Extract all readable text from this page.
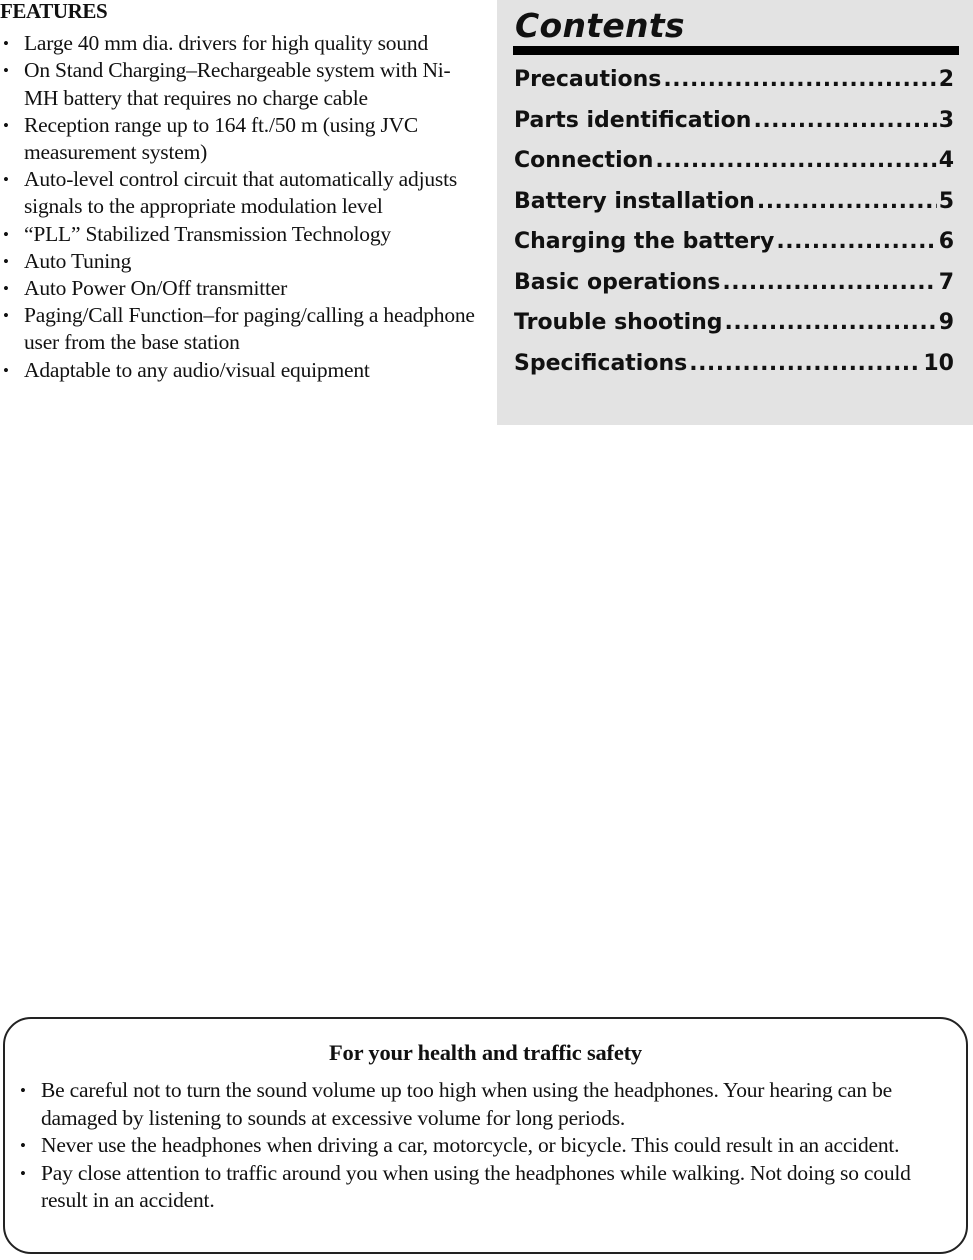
FEATURES
• Large 40 mm dia. drivers for high quality sound
• On Stand Charging–Rechargeable system with Ni-MH battery that requires no charge cable
• Reception range up to 164 ft./50 m (using JVC measurement system)
• Auto-level control circuit that automatically adjusts signals to the appropriate modulation level
• “PLL” Stabilized Transmission Technology
• Auto Tuning
• Auto Power On/Off transmitter
• Paging/Call Function–for paging/calling a headphone user from the base station
• Adaptable to any audio/visual equipment
Contents
Precautions .....	2
Parts identification .....	3
Connection .....	4
Battery installation .....	5
Charging the battery .....	6
Basic operations .....	7
Trouble shooting .....	9
Specifications .....	10
For your health and traffic safety
• Be careful not to turn the sound volume up too high when using the headphones. Your hearing can be damaged by listening to sounds at excessive volume for long periods.
• Never use the headphones when driving a car, motorcycle, or bicycle. This could result in an accident.
• Pay close attention to traffic around you when using the headphones while walking. Not doing so could result in an accident.
